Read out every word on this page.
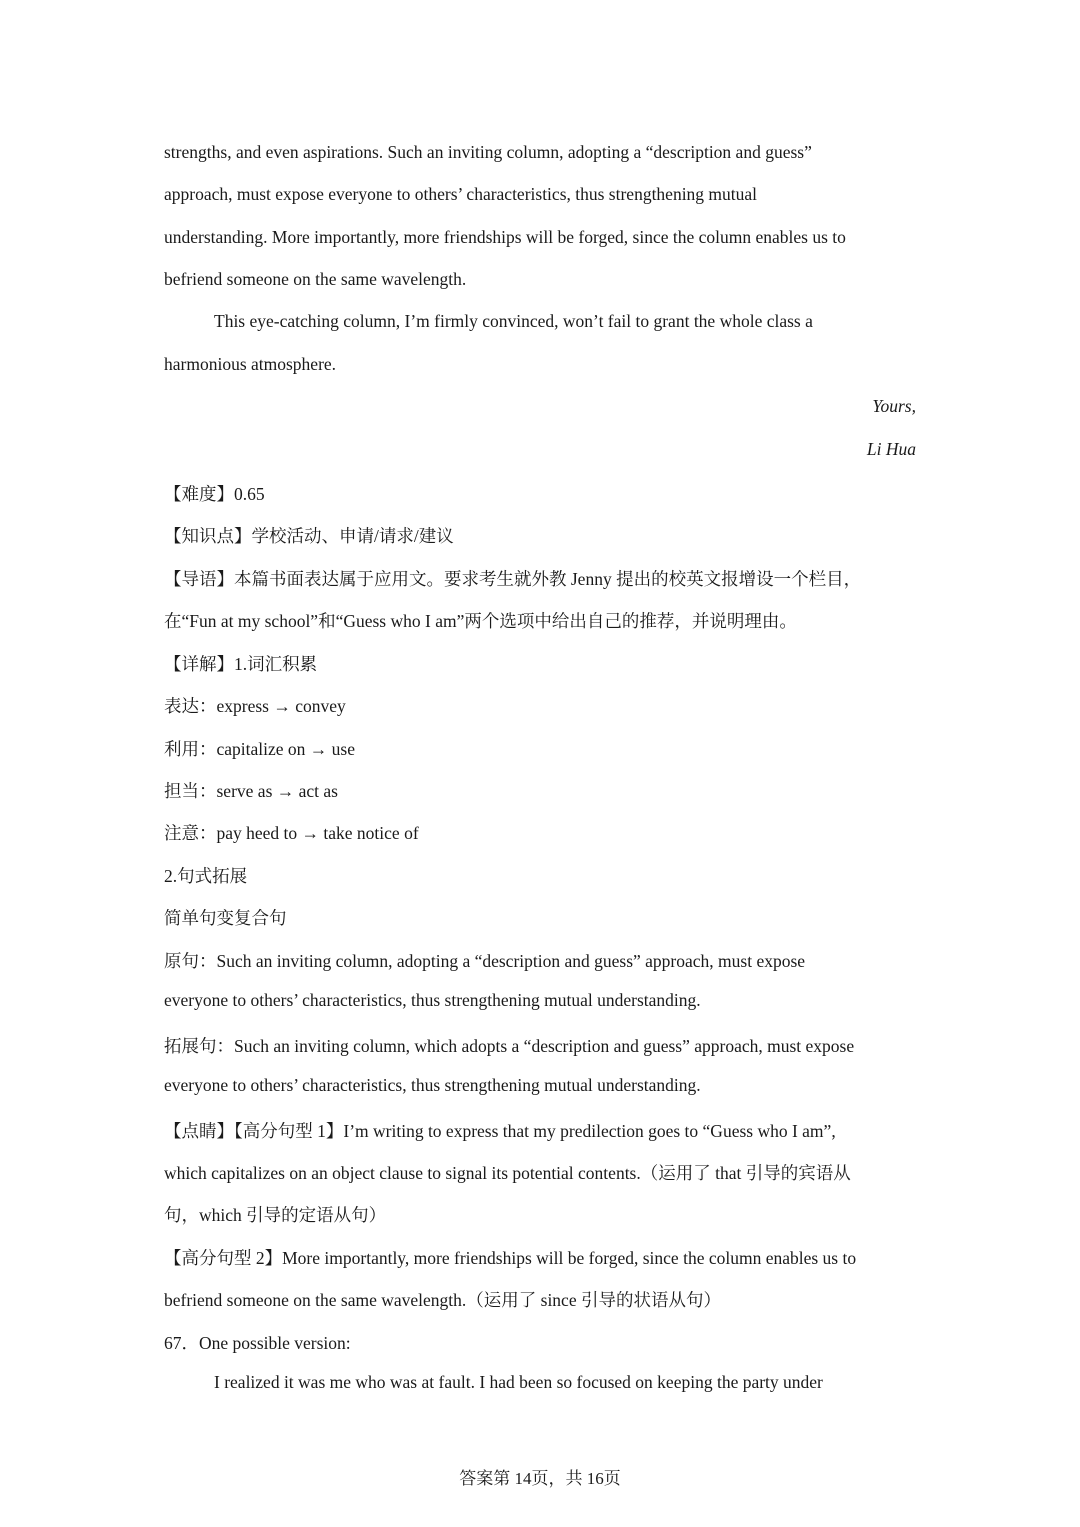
strengths, and even aspirations. Such an inviting column, adopting a “description and guess”
approach, must expose everyone to others’ characteristics, thus strengthening mutual
understanding. More importantly, more friendships will be forged, since the column enables us to
befriend someone on the same wavelength.
This eye-catching column, I’m firmly convinced, won’t fail to grant the whole class a
harmonious atmosphere.
Yours,
Li Hua
【难度】0.65
【知识点】学校活动、申请/请求/建议
【导语】本篇书面表达属于应用文。要求考生就外教 Jenny 提出的校英文报增设一个栏目，
在“Fun at my school”和“Guess who I am”两个选项中给出自己的推荐，并说明理由。
【详解】1.词汇积累
表达：express → convey
利用：capitalize on → use
担当：serve as → act as
注意：pay heed to → take notice of
2.句式拓展
简单句变复合句
原句：Such an inviting column, adopting a “description and guess” approach, must expose
everyone to others’ characteristics, thus strengthening mutual understanding.
拓展句：Such an inviting column, which adopts a “description and guess” approach, must expose
everyone to others’ characteristics, thus strengthening mutual understanding.
【点睛】【高分句型 1】I’m writing to express that my predilection goes to “Guess who I am”,
which capitalizes on an object clause to signal its potential contents.（运用了 that 引导的宾语从
句，which 引导的定语从句）
【高分句型 2】More importantly, more friendships will be forged, since the column enables us to
befriend someone on the same wavelength.（运用了 since 引导的状语从句）
67．One possible version:
I realized it was me who was at fault. I had been so focused on keeping the party under
答案第 14页，共 16页
